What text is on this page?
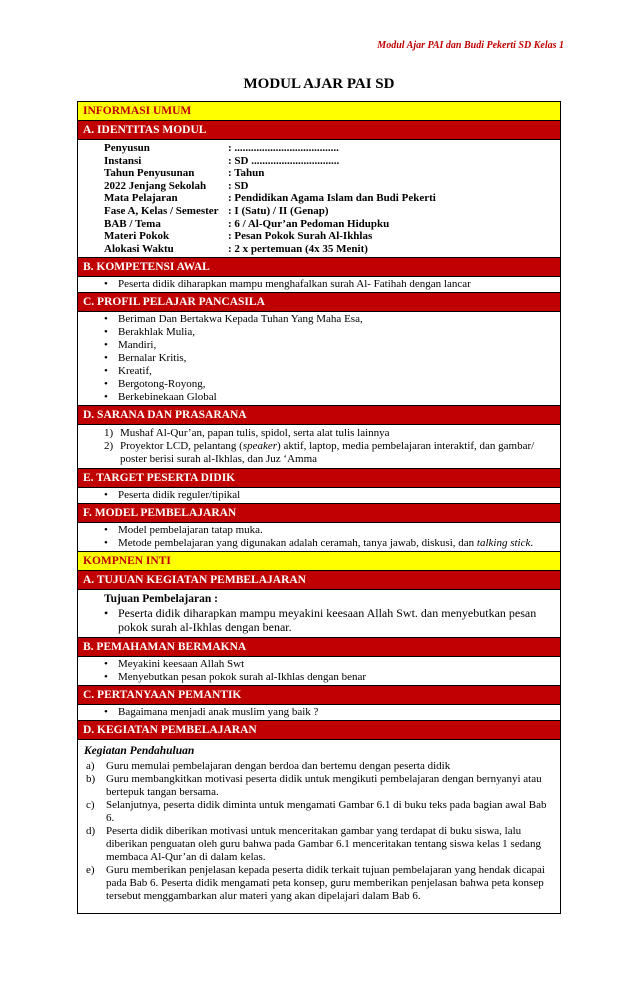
Modul Ajar PAI dan Budi Pekerti SD Kelas 1
MODUL AJAR PAI SD
INFORMASI UMUM
A. IDENTITAS MODUL
Penyusun	: ......................................
Instansi	: SD ................................
Tahun Penyusunan	: Tahun
2022 Jenjang Sekolah	: SD
Mata Pelajaran	: Pendidikan Agama Islam dan Budi Pekerti
Fase A, Kelas / Semester : I (Satu) / II (Genap)
BAB / Tema	: 6 / Al-Qur’an Pedoman Hidupku
Materi Pokok	: Pesan Pokok Surah Al-Ikhlas
Alokasi Waktu	: 2 x pertemuan (4x 35 Menit)
B. KOMPETENSI AWAL
• Peserta didik diharapkan mampu menghafalkan surah Al- Fatihah dengan lancar
C. PROFIL PELAJAR PANCASILA
• Beriman Dan Bertakwa Kepada Tuhan Yang Maha Esa,
• Berakhlak Mulia,
• Mandiri,
• Bernalar Kritis,
• Kreatif,
• Bergotong-Royong,
• Berkebinekaan Global
D. SARANA DAN PRASARANA
1) Mushaf Al-Qur’an, papan tulis, spidol, serta alat tulis lainnya
2) Proyektor LCD, pelantang (speaker) aktif, laptop, media pembelajaran interaktif, dan gambar/ poster berisi surah al-Ikhlas, dan Juz ‘Amma
E. TARGET PESERTA DIDIK
• Peserta didik reguler/tipikal
F. MODEL PEMBELAJARAN
• Model pembelajaran tatap muka.
• Metode pembelajaran yang digunakan adalah ceramah, tanya jawab, diskusi, dan talking stick.
KOMPNEN INTI
A. TUJUAN KEGIATAN PEMBELAJARAN
Tujuan Pembelajaran :
• Peserta didik diharapkan mampu meyakini keesaan Allah Swt. dan menyebutkan pesan pokok surah al-Ikhlas dengan benar.
B. PEMAHAMAN BERMAKNA
• Meyakini keesaan Allah Swt
• Menyebutkan pesan pokok surah al-Ikhlas dengan benar
C. PERTANYAAN PEMANTIK
• Bagaimana menjadi anak muslim yang baik ?
D. KEGIATAN PEMBELAJARAN
Kegiatan Pendahuluan
a)	Guru memulai pembelajaran dengan berdoa dan bertemu dengan peserta didik
b) Guru membangkitkan motivasi peserta didik untuk mengikuti pembelajaran dengan bernyanyi atau bertepuk tangan bersama.
c)	Selanjutnya, peserta didik diminta untuk mengamati Gambar 6.1 di buku teks pada bagian awal Bab 6.
d) Peserta didik diberikan motivasi untuk menceritakan gambar yang terdapat di buku siswa, lalu diberikan penguatan oleh guru bahwa pada Gambar 6.1 menceritakan tentang siswa kelas 1 sedang membaca Al-Qur’an di dalam kelas.
e)	Guru memberikan penjelasan kepada peserta didik terkait tujuan pembelajaran yang hendak dicapai pada Bab 6. Peserta didik mengamati peta konsep, guru memberikan penjelasan bahwa peta konsep tersebut menggambarkan alur materi yang akan dipelajari dalam Bab 6.
